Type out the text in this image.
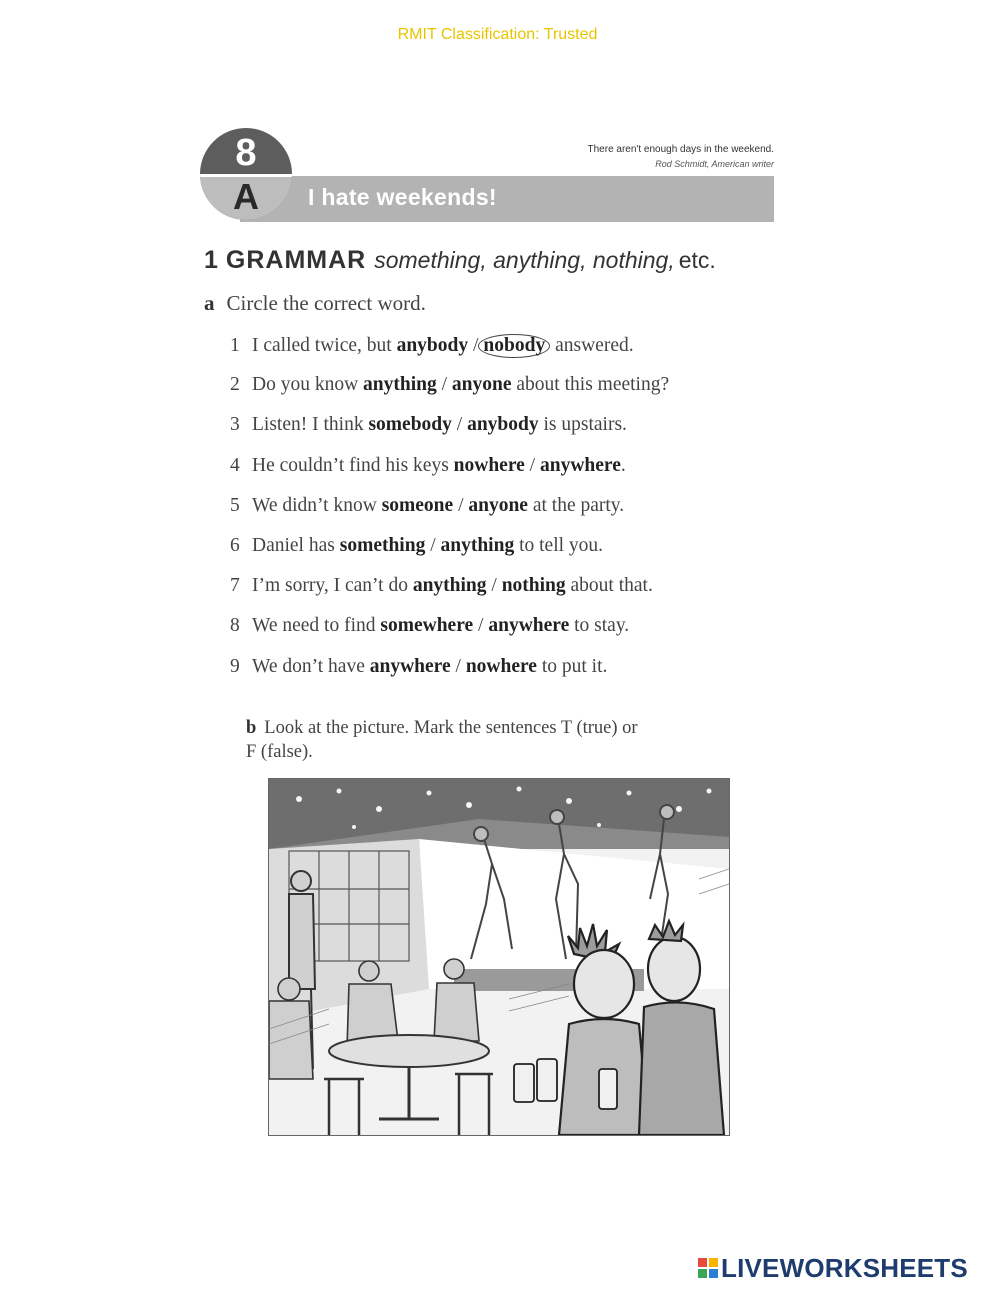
RMIT Classification: Trusted
I hate weekends!
8
A
There aren't enough days in the weekend.
Rod Schmidt, American writer
1 GRAMMAR something, anything, nothing, etc.
a Circle the correct word.
1 I called twice, but anybody / nobody answered.
2 Do you know anything / anyone about this meeting?
3 Listen! I think somebody / anybody is upstairs.
4 He couldn’t find his keys nowhere / anywhere.
5 We didn’t know someone / anyone at the party.
6 Daniel has something / anything to tell you.
7 I’m sorry, I can’t do anything / nothing about that.
8 We need to find somewhere / anywhere to stay.
9 We don’t have anywhere / nowhere to put it.
b Look at the picture. Mark the sentences T (true) or
F (false).
LIVEWORKSHEETS
